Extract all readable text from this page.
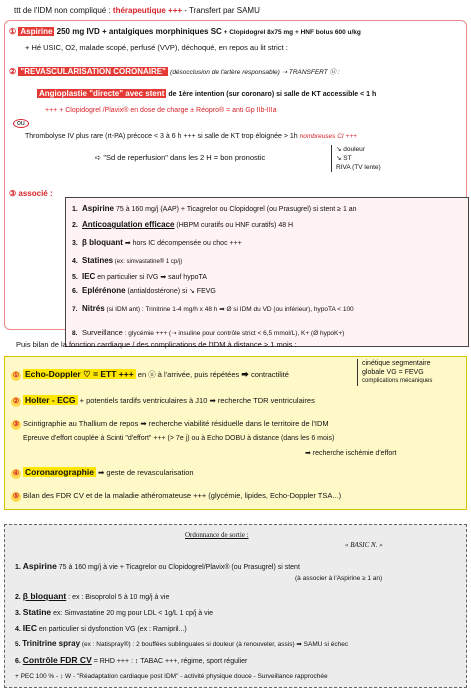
ttt de l'IDM non compliqué : thérapeutique +++ - Transfert par SAMU
① Aspirine 250 mg IVD + antalgiques morphiniques SC + Clopidogrel 8x75 mg + HNF bolus 600 u/kg
+ Hé USIC, O2, malade scopé, perfusé (VVP), déchoqué, en repos au lit strict :
② "REVASCULARISATION CORONAIRE" (désocclusion de l'artère responsable) ➝ TRANSFERT ⓤ :
Angioplastie "directe" avec stent de 1ère intention (sur coronaro) si salle de KT accessible < 1 h
+++ + Clopidogrel /Plavix® en dose de charge ± Réopro® = anti Gp IIb-IIIa
ou
Thrombolyse IV plus rare (rt-PA) précoce < 3 à 6 h +++ si salle de KT trop éloignée > 1h nombreuses CI +++
➪ "Sd de reperfusion" dans les 2 H = bon pronostic
↘ douleur
↘ ST
RIVA (TV lente)
③ associé :
1. Aspirine 75 à 160 mg/j (AAP) + Ticagrelor ou Clopidogrel (ou Prasugrel) si stent ≥ 1 an
2. Anticoagulation efficace (HBPM curatifs ou HNF curatifs) 48 H
3. β bloquant ➡ hors IC décompensée ou choc +++
4. Statines (ex: simvastatine® 1 cp/j)
5. IEC en particulier si IVG ➡ sauf hypoTA
6. Eplérénone (antialdostérone) si ↘ FEVG
7. Nitrés (si IDM ant) : Trinitrine 1-4 mg/h x 48 h ➡ Ø si IDM du VD (ou inférieur), hypoTA < 100
8. Surveillance : glycémie +++ (➝ insuline pour contrôle strict < 6,5 mmol/L), K+ (Ø hypoK+)
Puis bilan de la fonction cardiaque / des complications de l'IDM à distance > 1 mois :
① Echo-Doppler ♡ = ETT +++ en ⓤ à l'arrivée, puis répétées ➡ contractilité
cinétique segmentaire
globale VG = FEVG
complications mécaniques
② Holter - ECG + potentiels tardifs ventriculaires à J10 ➡ recherche TDR ventriculaires
③ Scintigraphie au Thallium de repos ➡ recherche viabilité résiduelle dans le territoire de l'IDM
Epreuve d'effort couplée à Scinti "d'effort" +++ (> 7e j) ou à Echo DOBU à distance (dans les 6 mois)
➡ recherche ischémie d'effort
④ Coronarographie ➡ geste de revascularisation
⑤ Bilan des FDR CV et de la maladie athéromateuse +++ (glycémie, lipides, Echo-Doppler TSA...)
Ordonnance de sortie :
« BASIC N. »
1. Aspirine 75 à 160 mg/j à vie + Ticagrelor ou Clopidogrel/Plavix® (ou Prasugrel) si stent
(à associer à l'Aspirine ≥ 1 an)
2. β bloquant : ex : Bisoprolol 5 à 10 mg/j à vie
3. Statine ex: Simvastatine 20 mg pour LDL < 1g/L 1 cp/j à vie
4. IEC en particulier si dysfonction VG (ex : Ramipril...)
5. Trinitrine spray (ex : Natispray®) : 2 bouffées sublinguales si douleur (à renouveler, assis) ➡ SAMU si échec
6. Contrôle FDR CV = RHD +++ : ↕ TABAC +++, régime, sport régulier
+ PEC 100 % - ↕ W - "Réadaptation cardiaque post IDM" - activité physique douce - Surveillance rapprochée
